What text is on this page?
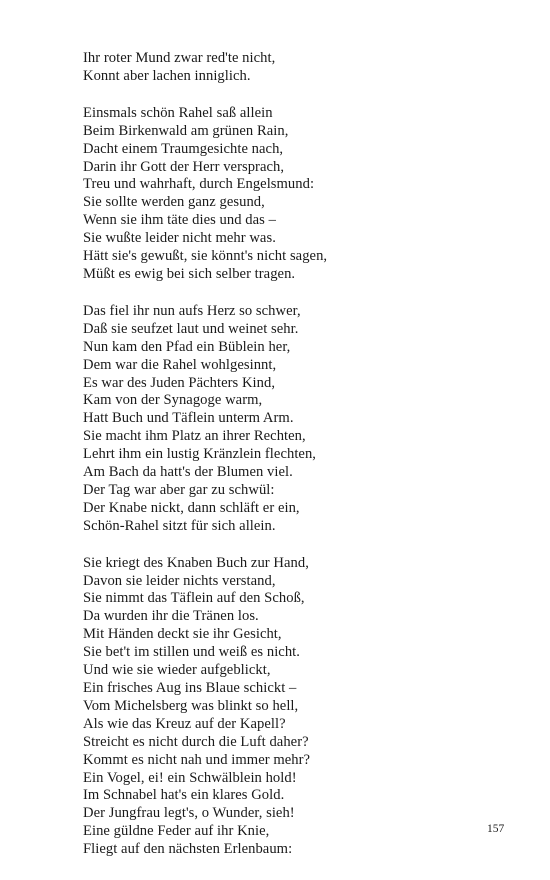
Ihr roter Mund zwar red'te nicht,
Konnt aber lachen inniglich.
Einsmals schön Rahel saß allein
Beim Birkenwald am grünen Rain,
Dacht einem Traumgesichte nach,
Darin ihr Gott der Herr versprach,
Treu und wahrhaft, durch Engelsmund:
Sie sollte werden ganz gesund,
Wenn sie ihm täte dies und das –
Sie wußte leider nicht mehr was.
Hätt sie's gewußt, sie könnt's nicht sagen,
Müßt es ewig bei sich selber tragen.
Das fiel ihr nun aufs Herz so schwer,
Daß sie seufzet laut und weinet sehr.
Nun kam den Pfad ein Büblein her,
Dem war die Rahel wohlgesinnt,
Es war des Juden Pächters Kind,
Kam von der Synagoge warm,
Hatt Buch und Täflein unterm Arm.
Sie macht ihm Platz an ihrer Rechten,
Lehrt ihm ein lustig Kränzlein flechten,
Am Bach da hatt's der Blumen viel.
Der Tag war aber gar zu schwül:
Der Knabe nickt, dann schläft er ein,
Schön-Rahel sitzt für sich allein.
Sie kriegt des Knaben Buch zur Hand,
Davon sie leider nichts verstand,
Sie nimmt das Täflein auf den Schoß,
Da wurden ihr die Tränen los.
Mit Händen deckt sie ihr Gesicht,
Sie bet't im stillen und weiß es nicht.
Und wie sie wieder aufgeblickt,
Ein frisches Aug ins Blaue schickt –
Vom Michelsberg was blinkt so hell,
Als wie das Kreuz auf der Kapell?
Streicht es nicht durch die Luft daher?
Kommt es nicht nah und immer mehr?
Ein Vogel, ei! ein Schwälblein hold!
Im Schnabel hat's ein klares Gold.
Der Jungfrau legt's, o Wunder, sieh!
Eine güldne Feder auf ihr Knie,
Fliegt auf den nächsten Erlenbaum:
157
